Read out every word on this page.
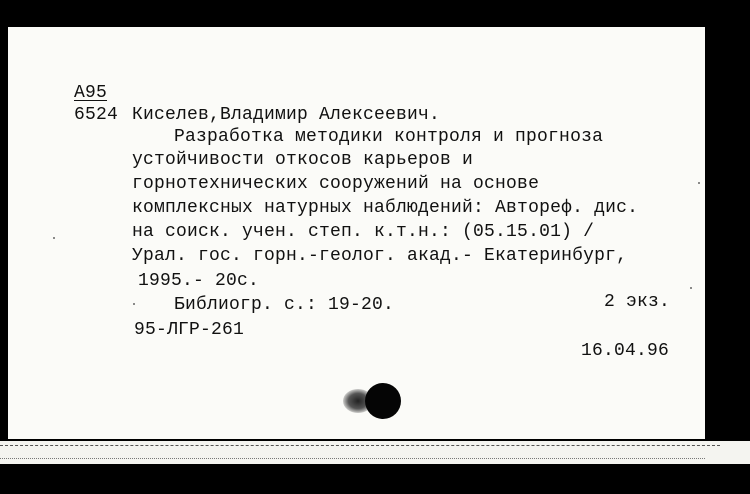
А95
6524 Киселев,Владимир Алексеевич.
Разработка методики контроля и прогноза
устойчивости откосов карьеров и
горнотехнических сооружений на основе
комплексных натурных наблюдений: Автореф. дис.
на соиск. учен. степ. к.т.н.: (05.15.01) /
Урал. гос. горн.-геолог. акад.- Екатеринбург,
1995.- 20с.
Библиогр. с.: 19-20.	2 экз.
95-ЛГР-261
16.04.96
